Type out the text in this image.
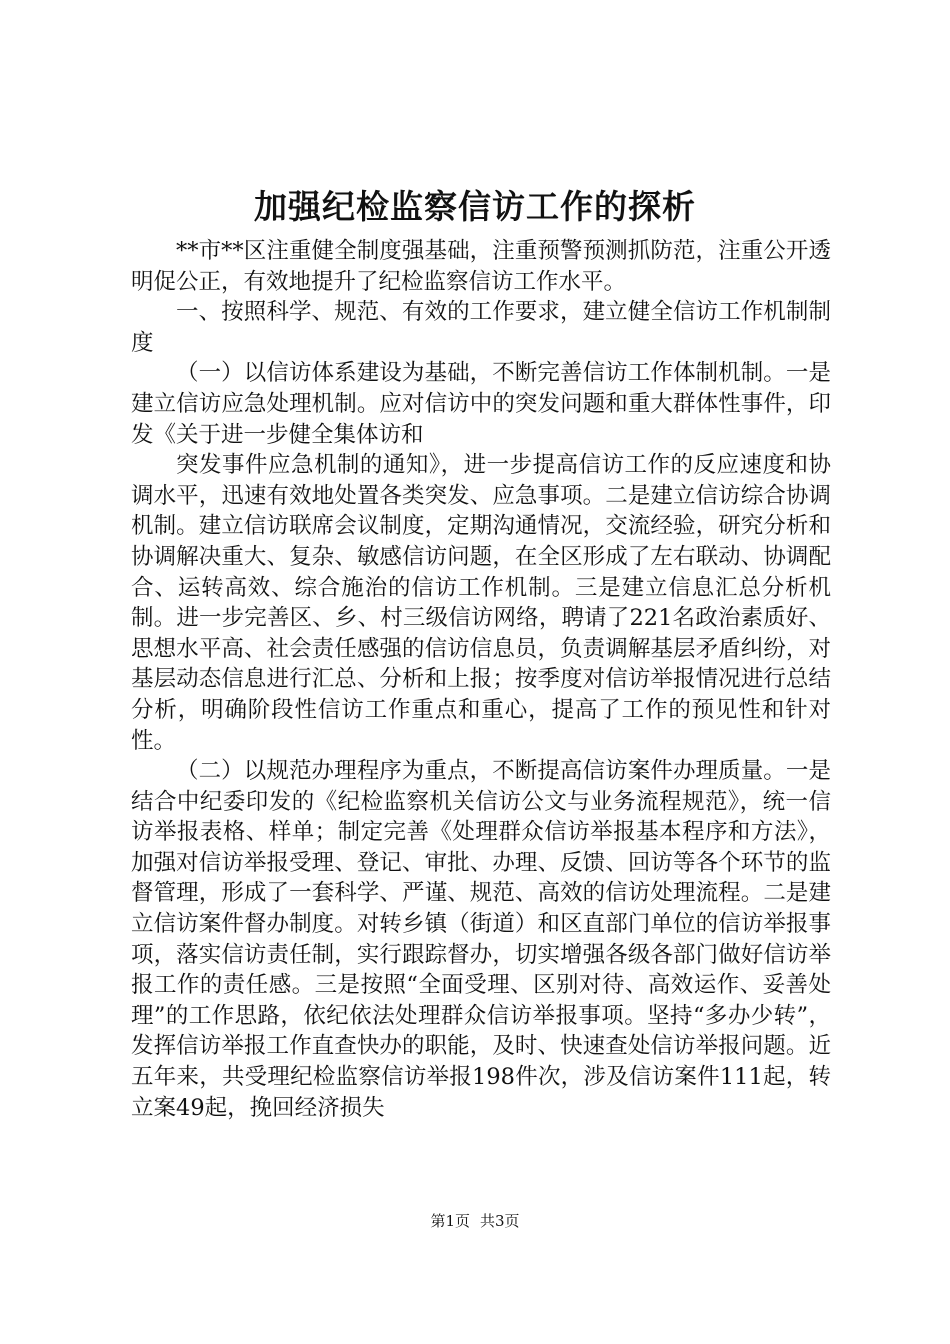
加强纪检监察信访工作的探析

**市**区注重健全制度强基础，注重预警预测抓防范，注重公开透明促公正，有效地提升了纪检监察信访工作水平。

一、按照科学、规范、有效的工作要求，建立健全信访工作机制制度

（一）以信访体系建设为基础，不断完善信访工作体制机制。一是建立信访应急处理机制。应对信访中的突发问题和重大群体性事件，印发《关于进一步健全集体访和

突发事件应急机制的通知》，进一步提高信访工作的反应速度和协调水平，迅速有效地处置各类突发、应急事项。二是建立信访综合协调机制。建立信访联席会议制度，定期沟通情况，交流经验，研究分析和协调解决重大、复杂、敏感信访问题，在全区形成了左右联动、协调配合、运转高效、综合施治的信访工作机制。三是建立信息汇总分析机制。进一步完善区、乡、村三级信访网络，聘请了221名政治素质好、思想水平高、社会责任感强的信访信息员，负责调解基层矛盾纠纷，对基层动态信息进行汇总、分析和上报；按季度对信访举报情况进行总结分析，明确阶段性信访工作重点和重心，提高了工作的预见性和针对性。

（二）以规范办理程序为重点，不断提高信访案件办理质量。一是结合中纪委印发的《纪检监察机关信访公文与业务流程规范》，统一信访举报表格、样单；制定完善《处理群众信访举报基本程序和方法》，加强对信访举报受理、登记、审批、办理、反馈、回访等各个环节的监督管理，形成了一套科学、严谨、规范、高效的信访处理流程。二是建立信访案件督办制度。对转乡镇（街道）和区直部门单位的信访举报事项，落实信访责任制，实行跟踪督办，切实增强各级各部门做好信访举报工作的责任感。三是按照“全面受理、区别对待、高效运作、妥善处理”的工作思路，依纪依法处理群众信访举报事项。坚持“多办少转”，发挥信访举报工作直查快办的职能，及时、快速查处信访举报问题。近五年来，共受理纪检监察信访举报198件次，涉及信访案件111起，转立案49起，挽回经济损失

第1页 共3页
